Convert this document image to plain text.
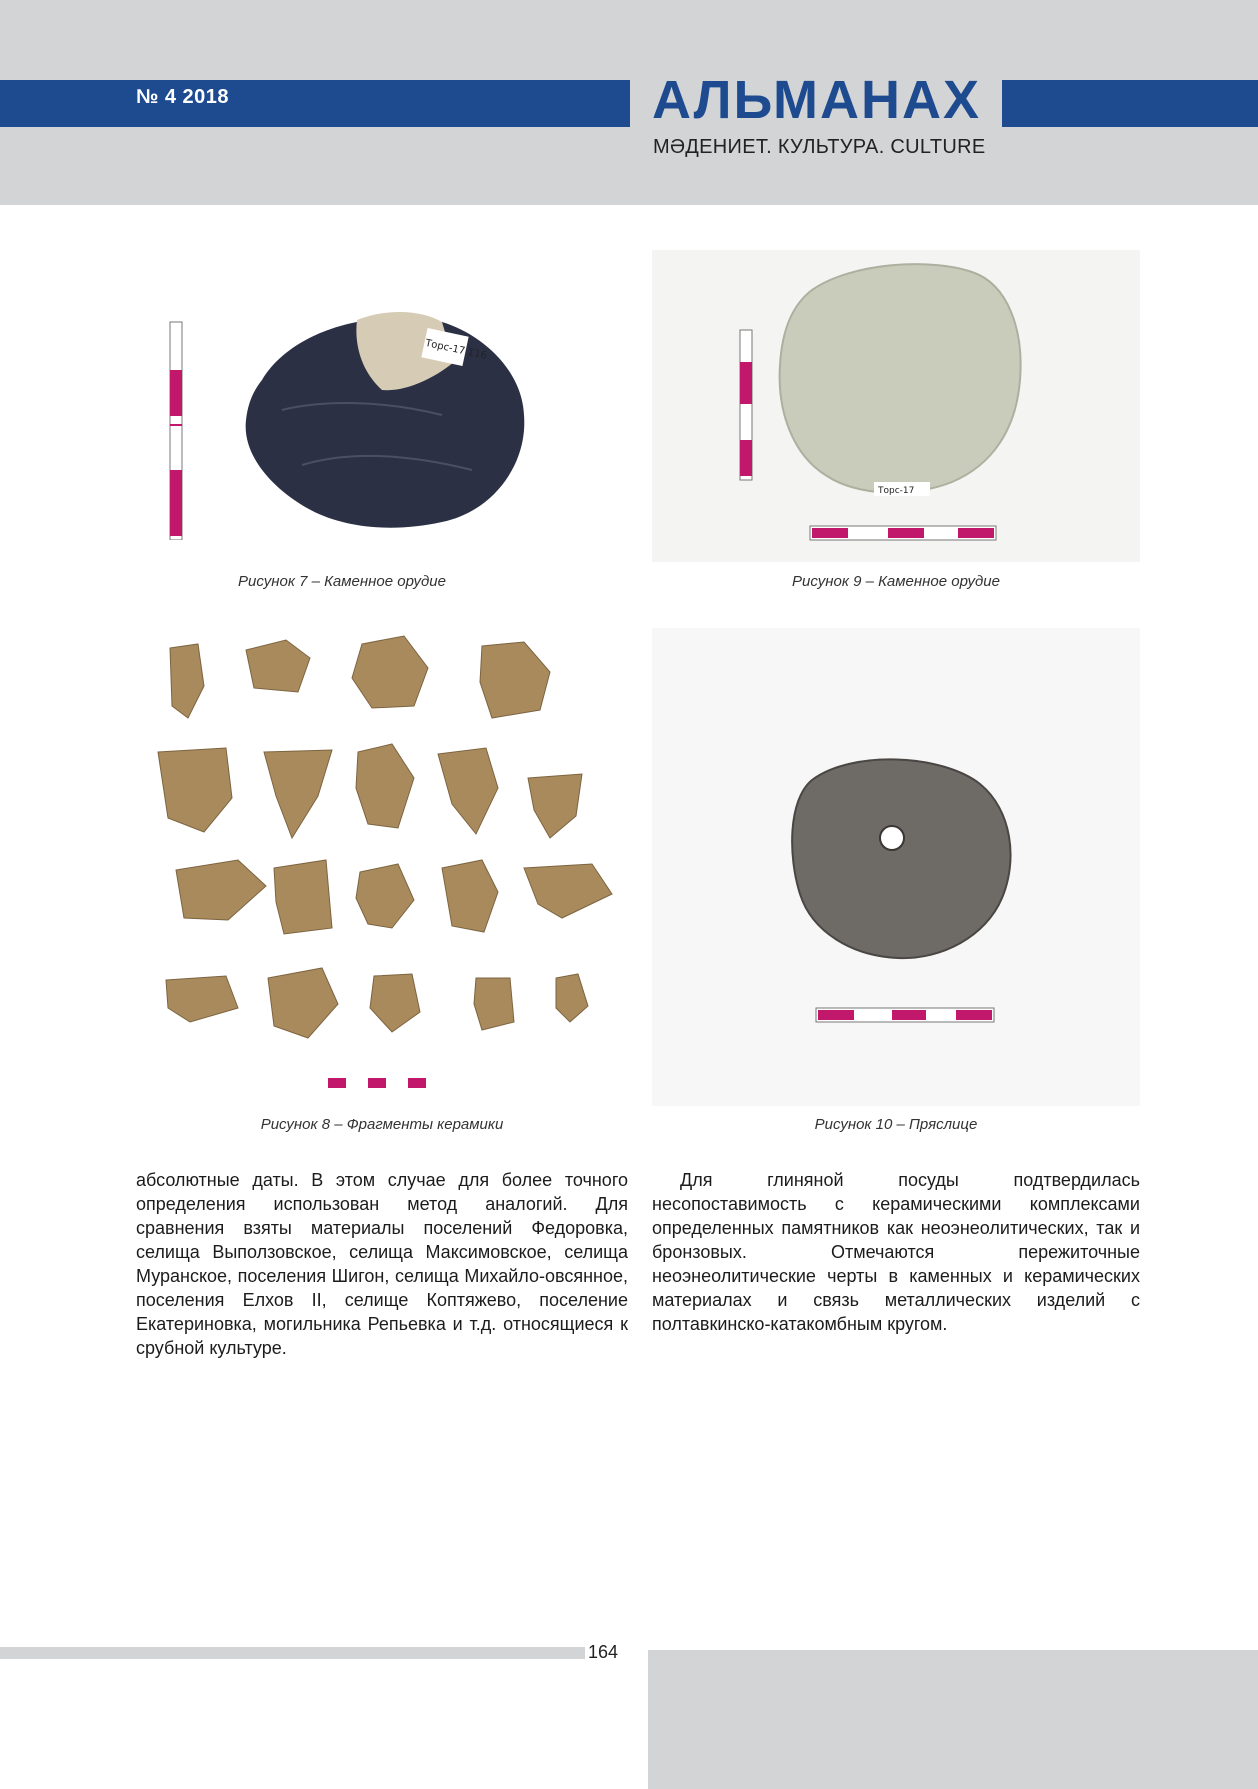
№ 4 2018	АЛЬМАНАХ
МӘДЕНИЕТ. КУЛЬТУРА. CULTURE
Торс-17 Σ16
Рисунок 7 – Каменное орудие
Торс-17
Рисунок 9 – Каменное орудие
Рисунок 8 – Фрагменты керамики	Рисунок 10 – Пряслице
абсолютные даты. В этом случае для более точного определения использован метод аналогий. Для сравнения взяты материалы поселений Федоровка, селища Выползовское, селища Максимовское, селища Муранское, поселения Шигон, селища Михайло-овсянное, поселения Елхов II, селище Коптяжево, поселение Екатериновка, могильника Репьевка и т.д. относящиеся к срубной культуре.
Для глиняной посуды подтвердилась несопоставимость с керамическими комплексами определенных памятников как неоэнеолитических, так и бронзовых. Отмечаются пережиточные неоэнеолитические черты в каменных и керамических материалах и связь металлических изделий с полтавкинско-катакомбным кругом.
164
